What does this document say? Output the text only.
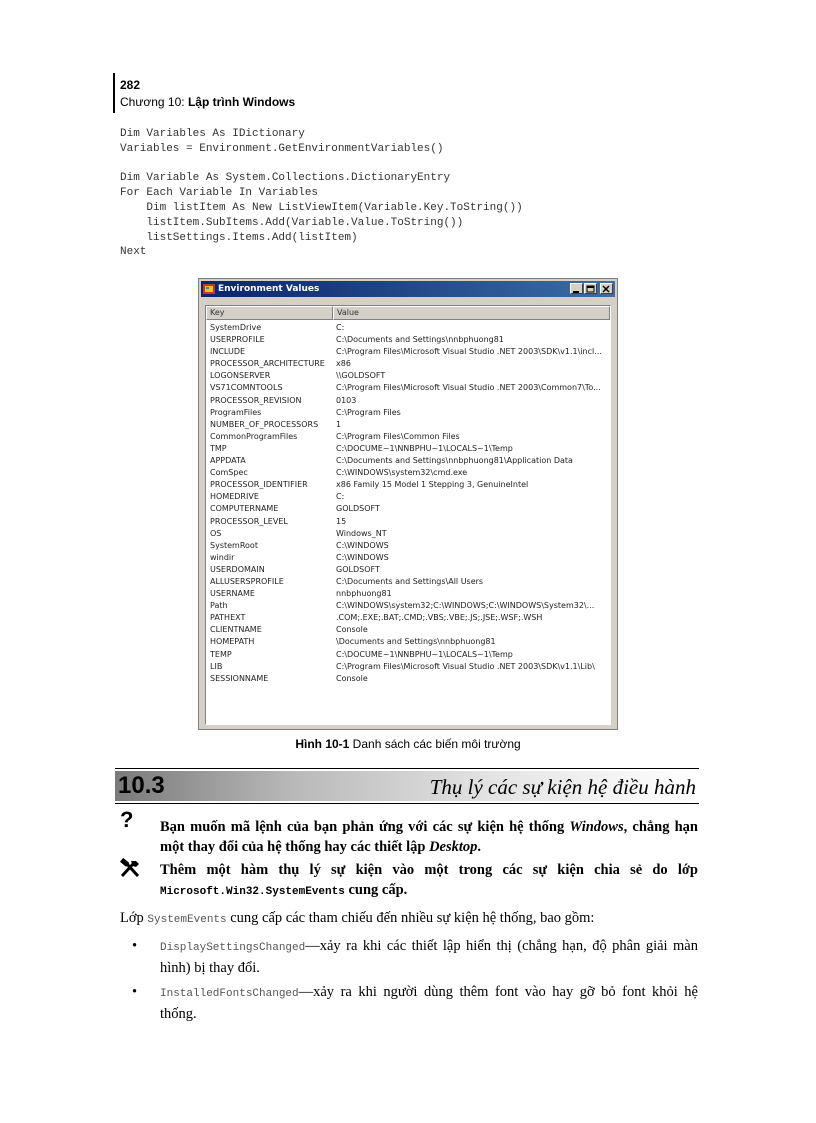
282
Chương 10: Lập trình Windows
Dim Variables As IDictionary
Variables = Environment.GetEnvironmentVariables()
Dim Variable As System.Collections.DictionaryEntry
For Each Variable In Variables
Dim listItem As New ListViewItem(Variable.Key.ToString())
listItem.SubItems.Add(Variable.Value.ToString())
listSettings.Items.Add(listItem)
Next
Environment Values
Key	Value
SystemDrive	C:
USERPROFILE	C:\Documents and Settings\nnbphuong81
INCLUDE	C:\Program Files\Microsoft Visual Studio .NET 2003\SDK\v1.1\incl...
PROCESSOR_ARCHITECTURE	x86
LOGONSERVER	\\GOLDSOFT
VS71COMNTOOLS	C:\Program Files\Microsoft Visual Studio .NET 2003\Common7\To...
PROCESSOR_REVISION	0103
ProgramFiles	C:\Program Files
NUMBER_OF_PROCESSORS	1
CommonProgramFiles	C:\Program Files\Common Files
TMP	C:\DOCUME~1\NNBPHU~1\LOCALS~1\Temp
APPDATA	C:\Documents and Settings\nnbphuong81\Application Data
ComSpec	C:\WINDOWS\system32\cmd.exe
PROCESSOR_IDENTIFIER	x86 Family 15 Model 1 Stepping 3, GenuineIntel
HOMEDRIVE	C:
COMPUTERNAME	GOLDSOFT
PROCESSOR_LEVEL	15
OS	Windows_NT
SystemRoot	C:\WINDOWS
windir	C:\WINDOWS
USERDOMAIN	GOLDSOFT
ALLUSERSPROFILE	C:\Documents and Settings\All Users
USERNAME	nnbphuong81
Path	C:\WINDOWS\system32;C:\WINDOWS;C:\WINDOWS\System32\...
PATHEXT	.COM;.EXE;.BAT;.CMD;.VBS;.VBE;.JS;.JSE;.WSF;.WSH
CLIENTNAME	Console
HOMEPATH	\Documents and Settings\nnbphuong81
TEMP	C:\DOCUME~1\NNBPHU~1\LOCALS~1\Temp
LIB	C:\Program Files\Microsoft Visual Studio .NET 2003\SDK\v1.1\Lib\
SESSIONNAME	Console
Hình 10-1 Danh sách các biến môi trường
10.3	Thụ lý các sự kiện hệ điều hành
? Bạn muốn mã lệnh của bạn phản ứng với các sự kiện hệ thống Windows, chẳng hạn một thay đổi của hệ thống hay các thiết lập Desktop.
Thêm một hàm thụ lý sự kiện vào một trong các sự kiện chia sẻ do lớp Microsoft.Win32.SystemEvents cung cấp.
Lớp SystemEvents cung cấp các tham chiếu đến nhiều sự kiện hệ thống, bao gồm:
• DisplaySettingsChanged—xảy ra khi các thiết lập hiển thị (chẳng hạn, độ phân giải màn hình) bị thay đổi.
• InstalledFontsChanged—xảy ra khi người dùng thêm font vào hay gỡ bỏ font khỏi hệ thống.
